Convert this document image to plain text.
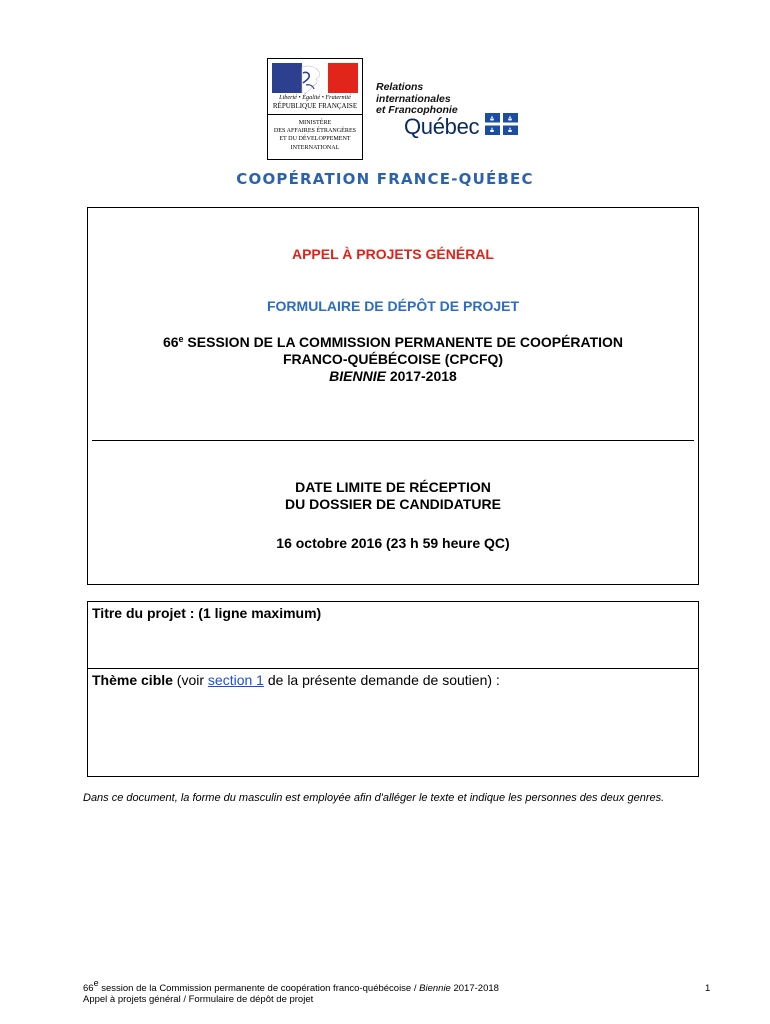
Liberté • Égalité • Fraternité
RÉPUBLIQUE FRANÇAISE
MINISTÈRE
DES AFFAIRES ÉTRANGÈRES
ET DU DÉVELOPPEMENT
INTERNATIONAL
Relations
internationales
et Francophonie
Québec
COOPÉRATION FRANCE-QUÉBEC
APPEL À PROJETS GÉNÉRAL
FORMULAIRE DE DÉPÔT DE PROJET
66e SESSION DE LA COMMISSION PERMANENTE DE COOPÉRATION
FRANCO-QUÉBÉCOISE (CPCFQ)
BIENNIE 2017-2018
DATE LIMITE DE RÉCEPTION
DU DOSSIER DE CANDIDATURE
16 octobre 2016 (23 h 59 heure QC)
Titre du projet : (1 ligne maximum)
Thème cible (voir section 1 de la présente demande de soutien) :
Dans ce document, la forme du masculin est employée afin d'alléger le texte et indique les personnes des deux genres.
66e session de la Commission permanente de coopération franco-québécoise / Biennie 2017-2018
Appel à projets général / Formulaire de dépôt de projet
1
